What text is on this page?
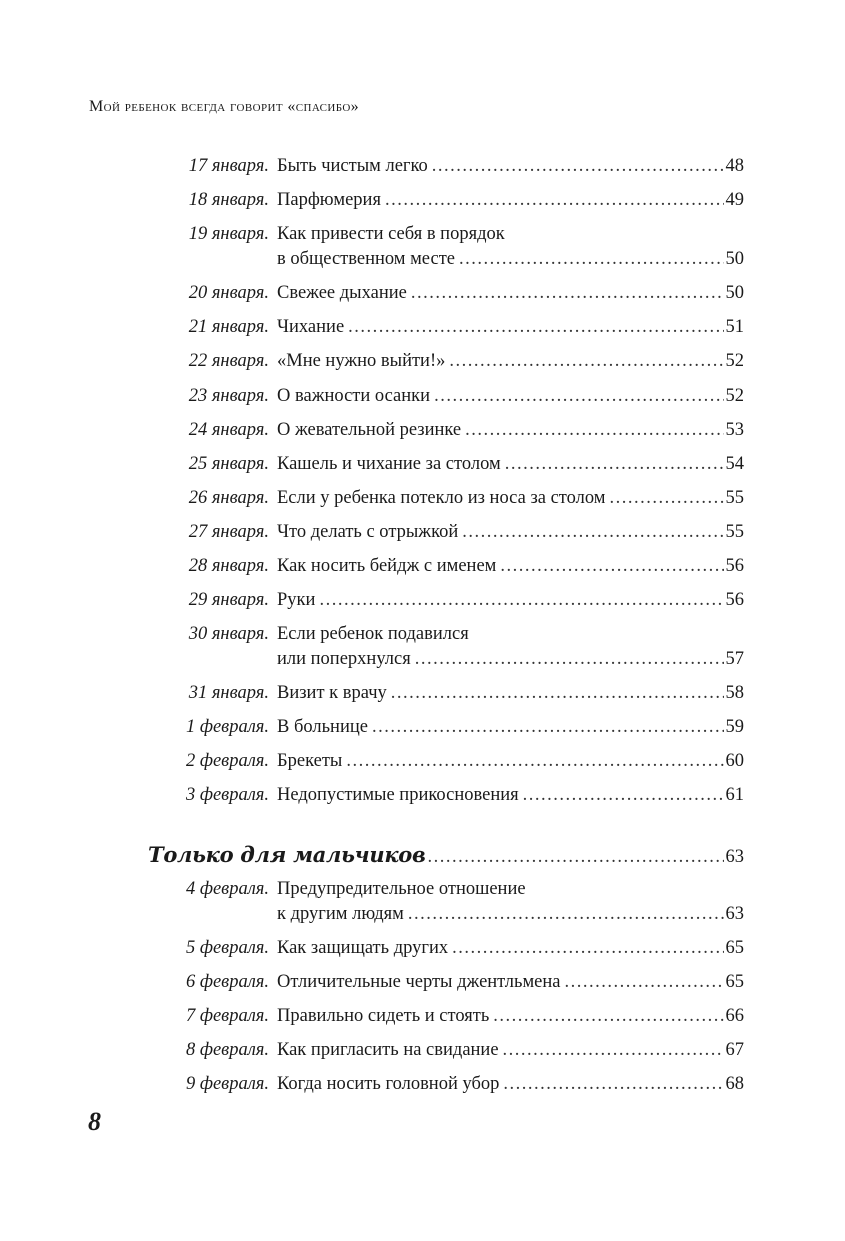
Мой ребенок всегда говорит «спасибо»
17 января. Быть чистым легко .....	48
18 января. Парфюмерия .....	49
19 января. Как привести себя в порядок
в общественном месте .....	50
20 января. Свежее дыхание .....	50
21 января. Чихание .....	51
22 января. «Мне нужно выйти!» .....	52
23 января. О важности осанки .....	52
24 января. О жевательной резинке .....	53
25 января. Кашель и чихание за столом .....	54
26 января. Если у ребенка потекло из носа за столом .....	55
27 января. Что делать с отрыжкой .....	55
28 января. Как носить бейдж с именем .....	56
29 января. Руки .....	56
30 января. Если ребенок подавился
или поперхнулся .....	57
31 января. Визит к врачу .....	58
1 февраля. В больнице .....	59
2 февраля. Брекеты .....	60
3 февраля. Недопустимые прикосновения .....	61
Только для мальчиков .....	63
4 февраля. Предупредительное отношение
к другим людям .....	63
5 февраля. Как защищать других .....	65
6 февраля. Отличительные черты джентльмена .....	65
7 февраля. Правильно сидеть и стоять .....	66
8 февраля. Как пригласить на свидание .....	67
9 февраля. Когда носить головной убор .....	68
8
